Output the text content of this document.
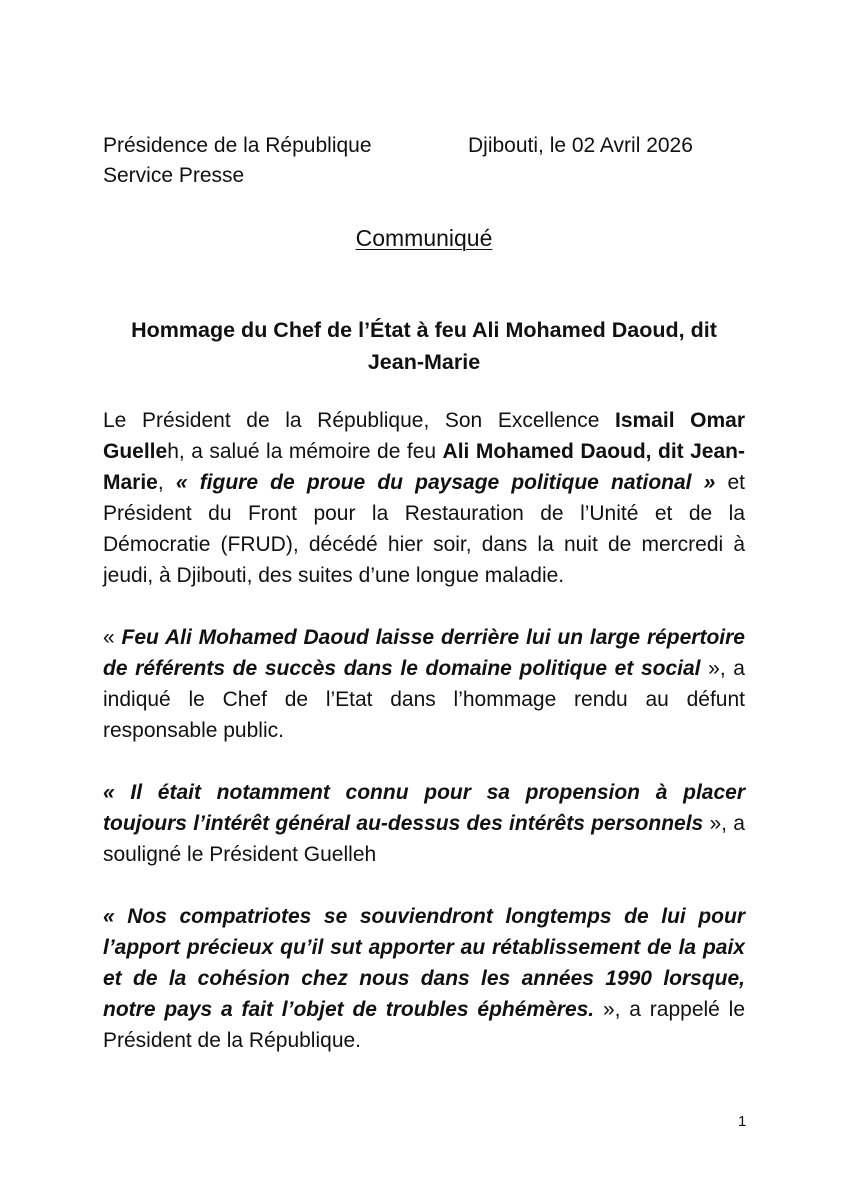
Présidence de la République
Service Presse
Djibouti, le 02 Avril 2026
Communiqué
Hommage du Chef de l’État à feu Ali Mohamed Daoud, dit Jean-Marie

Le Président de la République, Son Excellence Ismail Omar Guelleh, a salué la mémoire de feu Ali Mohamed Daoud, dit Jean-Marie, « figure de proue du paysage politique national » et Président du Front pour la Restauration de l’Unité et de la Démocratie (FRUD), décédé hier soir, dans la nuit de mercredi à jeudi, à Djibouti, des suites d’une longue maladie.

« Feu Ali Mohamed Daoud laisse derrière lui un large répertoire de référents de succès dans le domaine politique et social », a indiqué le Chef de l’Etat dans l’hommage rendu au défunt responsable public.

« Il était notamment connu pour sa propension à placer toujours l’intérêt général au-dessus des intérêts personnels », a souligné le Président Guelleh

« Nos compatriotes se souviendront longtemps de lui pour l’apport précieux qu’il sut apporter au rétablissement de la paix et de la cohésion chez nous dans les années 1990 lorsque, notre pays a fait l’objet de troubles éphémères. », a rappelé le Président de la République.

1
